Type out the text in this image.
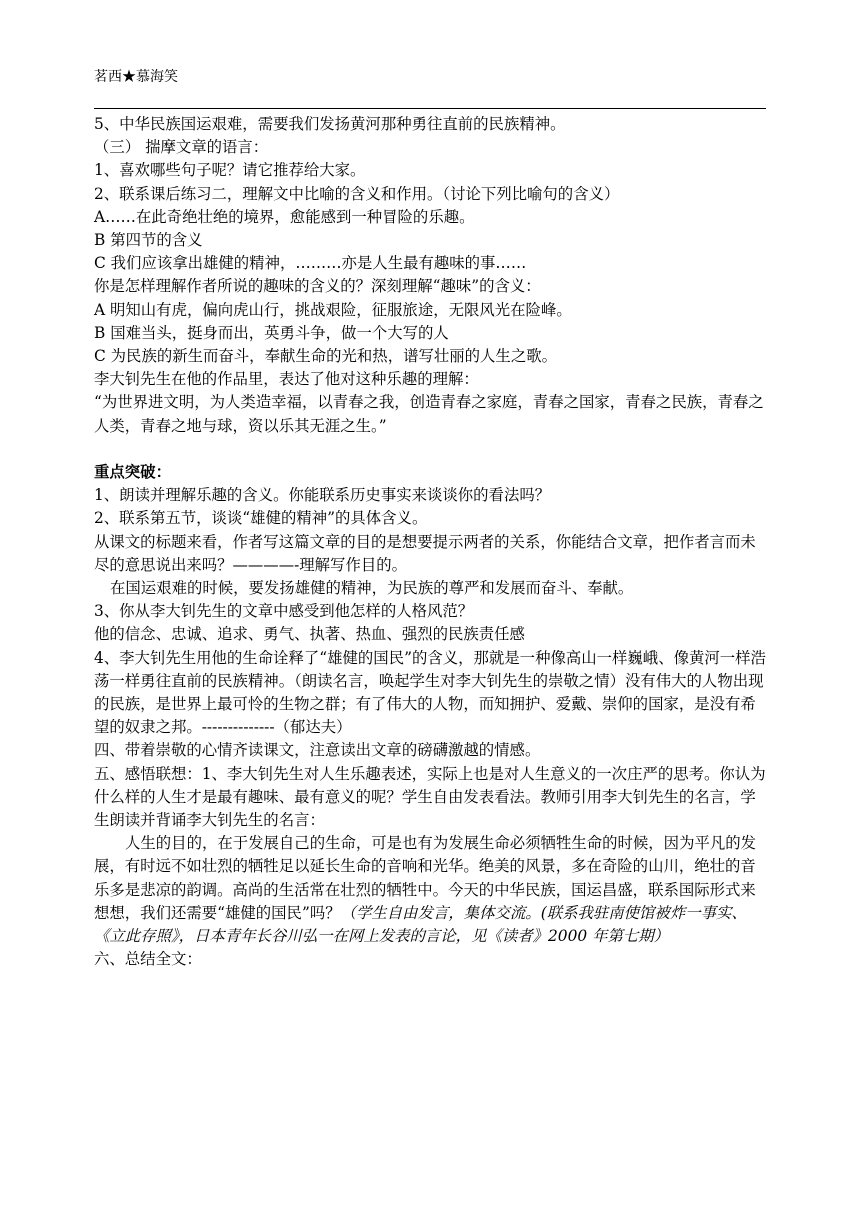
茗西★慕海笑

5、中华民族国运艰难，需要我们发扬黄河那种勇往直前的民族精神。

（三） 揣摩文章的语言：

1、喜欢哪些句子呢？请它推荐给大家。

2、联系课后练习二，理解文中比喻的含义和作用。（讨论下列比喻句的含义）

A……在此奇绝壮绝的境界，愈能感到一种冒险的乐趣。

B 第四节的含义

C 我们应该拿出雄健的精神，………亦是人生最有趣味的事……

你是怎样理解作者所说的趣味的含义的？深刻理解“趣味”的含义：

A 明知山有虎，偏向虎山行，挑战艰险，征服旅途，无限风光在险峰。

B 国难当头，挺身而出，英勇斗争，做一个大写的人

C 为民族的新生而奋斗，奉献生命的光和热，谱写壮丽的人生之歌。

李大钊先生在他的作品里，表达了他对这种乐趣的理解：

“为世界进文明，为人类造幸福，以青春之我，创造青春之家庭，青春之国家，青春之民族，青春之人类，青春之地与球，资以乐其无涯之生。”

重点突破：

1、朗读并理解乐趣的含义。你能联系历史事实来谈谈你的看法吗？

2、联系第五节，谈谈“雄健的精神”的具体含义。

从课文的标题来看，作者写这篇文章的目的是想要提示两者的关系，你能结合文章，把作者言而未尽的意思说出来吗？————-理解写作目的。

在国运艰难的时候，要发扬雄健的精神，为民族的尊严和发展而奋斗、奉献。

3、你从李大钊先生的文章中感受到他怎样的人格风范？

他的信念、忠诚、追求、勇气、执著、热血、强烈的民族责任感

4、李大钊先生用他的生命诠释了“雄健的国民”的含义，那就是一种像高山一样巍峨、像黄河一样浩荡一样勇往直前的民族精神。（朗读名言，唤起学生对李大钊先生的崇敬之情）没有伟大的人物出现的民族，是世界上最可怜的生物之群；有了伟大的人物，而知拥护、爱戴、崇仰的国家，是没有希望的奴隶之邦。--------------（郁达夫）

四、带着崇敬的心情齐读课文，注意读出文章的磅礴激越的情感。

五、感悟联想：1、李大钊先生对人生乐趣表述，实际上也是对人生意义的一次庄严的思考。你认为什么样的人生才是最有趣味、最有意义的呢？学生自由发表看法。教师引用李大钊先生的名言，学生朗读并背诵李大钊先生的名言：

人生的目的，在于发展自己的生命，可是也有为发展生命必须牺牲生命的时候，因为平凡的发展，有时远不如壮烈的牺牲足以延长生命的音响和光华。绝美的风景，多在奇险的山川，绝壮的音乐多是悲凉的韵调。高尚的生活常在壮烈的牺牲中。今天的中华民族，国运昌盛，联系国际形式来想想，我们还需要“雄健的国民”吗？（学生自由发言，集体交流。(联系我驻南使馆被炸一事实、《立此存照》，日本青年长谷川弘一在网上发表的言论，见《读者》2000 年第七期）

六、总结全文：
